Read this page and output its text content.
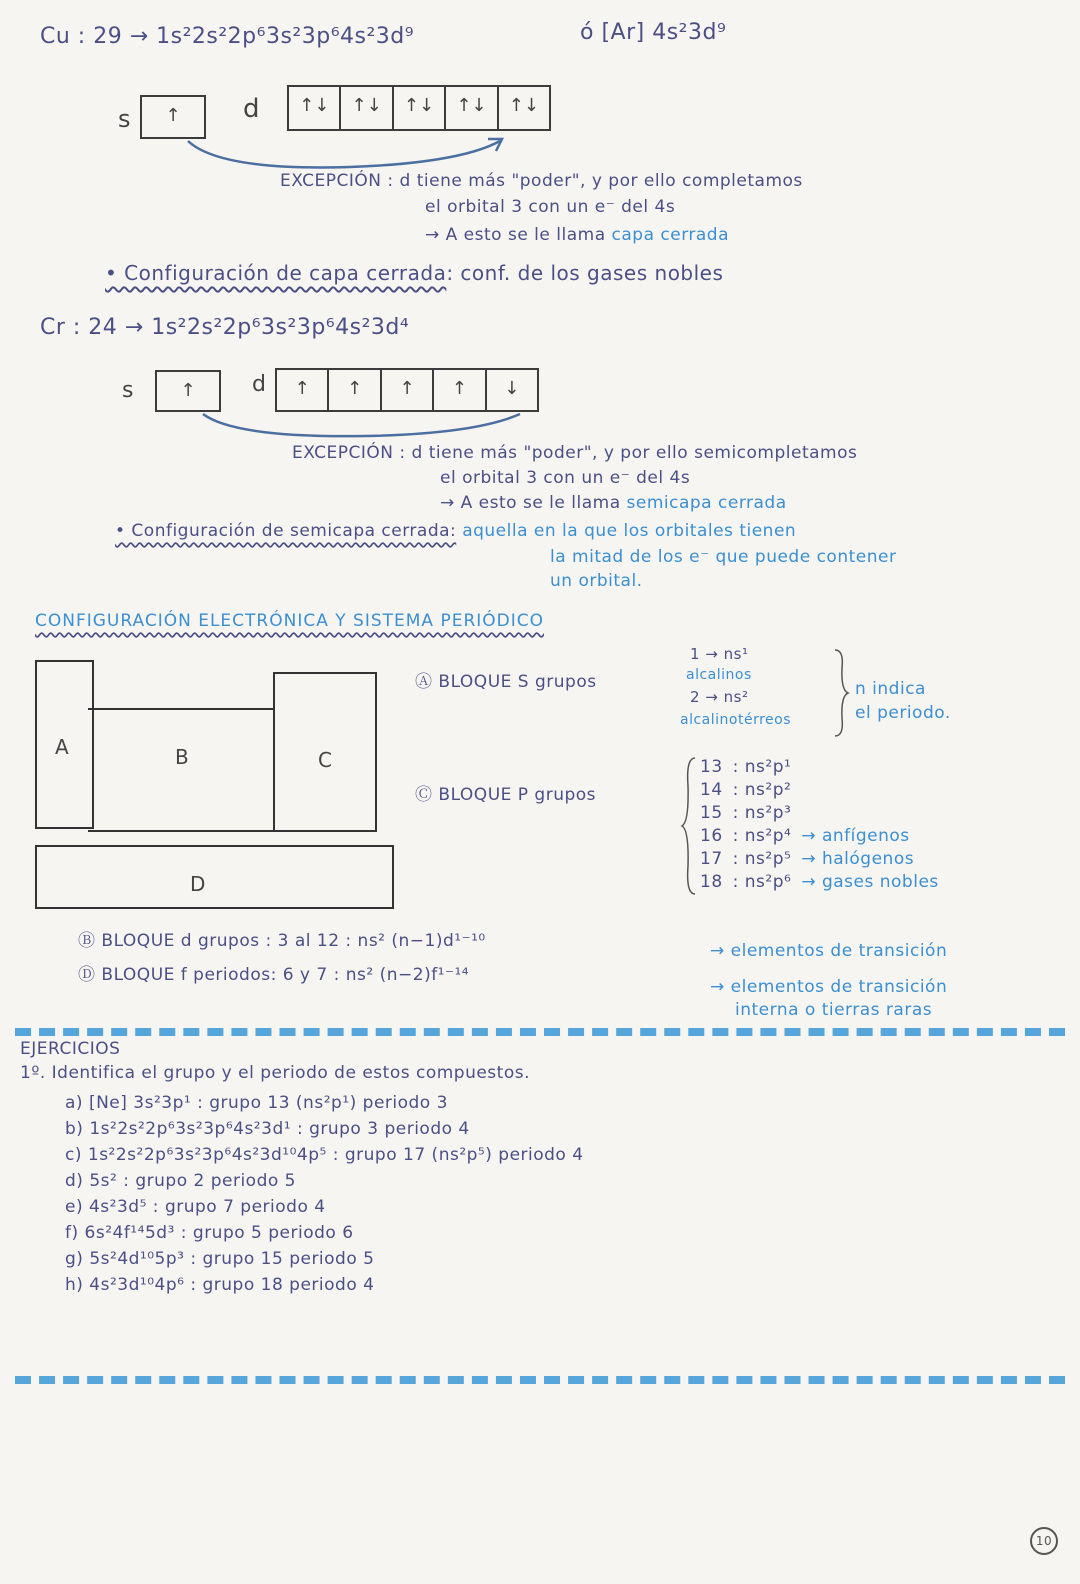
Cu : 29 → 1s²2s²2p⁶3s²3p⁶4s²3d⁹	ó [Ar] 4s²3d⁹
s	↑	d	↑↓	↑↓	↑↓	↑↓	↑↓
EXCEPCIÓN : d tiene más "poder", y por ello completamos
el orbital 3 con un e⁻ del 4s
→ A esto se le llama capa cerrada
• Configuración de capa cerrada: conf. de los gases nobles
Cr : 24 → 1s²2s²2p⁶3s²3p⁶4s²3d⁴
s	↑	d	↑	↑	↑	↑	↓
EXCEPCIÓN : d tiene más "poder", y por ello semicompletamos
el orbital 3 con un e⁻ del 4s
→ A esto se le llama semicapa cerrada
• Configuración de semicapa cerrada: aquella en la que los orbitales tienen
la mitad de los e⁻ que puede contener
un orbital.
CONFIGURACIÓN ELECTRÓNICA Y SISTEMA PERIÓDICO
A	B	C
D
Ⓐ BLOQUE S grupos
1 → ns¹
alcalinos
2 → ns²
alcalinotérreos
n indica
el periodo.
Ⓒ BLOQUE P grupos
13 : ns²p¹
14 : ns²p²
15 : ns²p³
16 : ns²p⁴ → anfígenos
17 : ns²p⁵ → halógenos
18 : ns²p⁶ → gases nobles
Ⓑ BLOQUE d grupos : 3 al 12 : ns² (n−1)d¹⁻¹⁰	→ elementos de transición
Ⓓ BLOQUE f periodos: 6 y 7 : ns² (n−2)f¹⁻¹⁴
→ elementos de transición
interna o tierras raras
EJERCICIOS
1º. Identifica el grupo y el periodo de estos compuestos.
a) [Ne] 3s²3p¹ : grupo 13 (ns²p¹) periodo 3
b) 1s²2s²2p⁶3s²3p⁶4s²3d¹ : grupo 3 periodo 4
c) 1s²2s²2p⁶3s²3p⁶4s²3d¹⁰4p⁵ : grupo 17 (ns²p⁵) periodo 4
d) 5s² : grupo 2 periodo 5
e) 4s²3d⁵ : grupo 7 periodo 4
f) 6s²4f¹⁴5d³ : grupo 5 periodo 6
g) 5s²4d¹⁰5p³ : grupo 15 periodo 5
h) 4s²3d¹⁰4p⁶ : grupo 18 periodo 4
10
